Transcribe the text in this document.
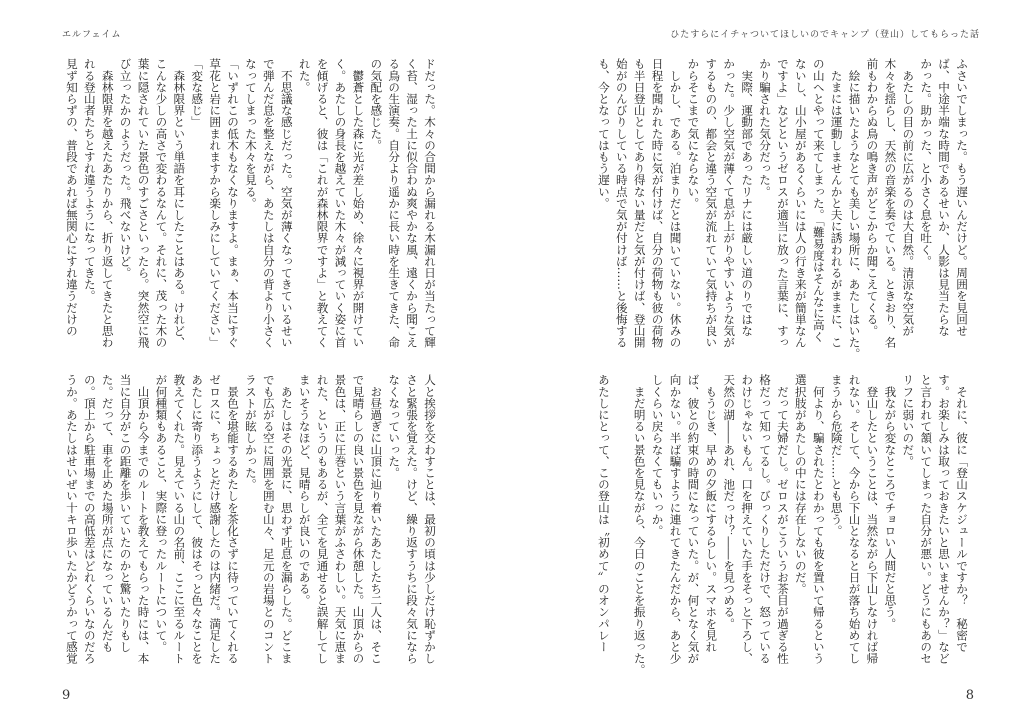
エルフェイム
ドだった。木々の合間から漏れる木漏れ日が当たって輝
く苔、湿った土に似合わぬ爽やかな風、遠くから聞こえ
る鳥の生演奏。自分より遥かに長い時を生きてきた、命
の気配を感じた。
　鬱蒼とした森に光が差し始め、徐々に視界が開けてい
く。あたしの身長を越えていた木々が減っていく姿に首
を傾げると、彼は「これが森林限界ですよ」と教えてく
れた。
　不思議な感じだった。空気が薄くなってきているせい
で弾んだ息を整えながら、あたしは自分の背より小さく
なってしまった木々を見る。
「いずれこの低木もなくなりますよ。まぁ、本当にすぐ
草花と岩に囲まれますから楽しみにしていてください」
「変な感じ」
　森林限界という単語を耳にしたことはある。けれど、
こんな少しの高さで変わるなんて。それに、茂った木の
葉に隠されていた景色のすごさといったら。突然空に飛
び立ったかのようだった。飛べないけど。
　森林限界を越えたあたりから、折り返してきたと思わ
れる登山者たちとすれ違うようになってきた。
見ず知らずの、普段であれば無関心にすれ違うだけの
人と挨拶を交わすことは、最初の頃は少しだけ恥ずかし
さと緊張を覚えた。けど、繰り返すうちに段々気になら
なくなっていった。
　お昼過ぎに山頂に辿り着いたあたしたち二人は、そこ
で見晴らしの良い景色を見ながら休憩した。山頂からの
景色は、正に圧巻という言葉がふさわしい。天気に恵ま
れた、というのもあるが、全てを見通せると誤解してし
まいそうなほど、見晴らしが良いのである。
　あたしはその光景に、思わず吐息を漏らした。どこま
でも広がる空に周囲を囲む山々、足元の岩場とのコント
ラストが眩しかった。
　景色を堪能するあたしを茶化さずに待っていてくれる
ゼロスに、ちょっとだけ感謝したのは内緒だ。満足した
あたしに寄り添うようにして、彼はそっと色々なことを
教えてくれた。見えている山の名前、ここに至るルート
が何種類もあること、実際に登ったルートについて。
　山頂から今までのルートを教えてもらった時には、本
当に自分がこの距離を歩いていたのかと驚いたりもし
た。だって、車を止めた場所が点になっているんだも
の。頂上から駐車場までの高低差はどれくらいなのだろ
うか。あたしはせいぜい十キロ歩いたかどうかって感覚
9
ひたすらにイチャついてほしいのでキャンプ（登山）してもらった話
ふさいでしまった。もう遅いんだけど。周囲を見回せ
ば、中途半端な時間であるせいか、人影は見当たらな
かった。助かった、と小さく息を吐く。
　あたしの目の前に広がるのは大自然。清涼な空気が
木々を揺らし、天然の音楽を奏でている。ときおり、名
前もわからぬ鳥の鳴き声がどこからか聞こえてくる。
　絵に描いたようなとても美しい場所に、あたしはいた。
　たまには運動しませんかと夫に誘われるがままに、こ
の山へとやって来てしまった。「難易度はそんなに高く
ないし、山小屋があるくらいには人の行き来が簡単なん
ですよ」などというゼロスが適当に放った言葉に、すっ
かり騙された気分だった。
　実際、運動部であったリナには厳しい道のりではな
かった。少し空気が薄くて息が上がりやすいような気が
するものの、都会と違う空気が流れていて気持ちが良い
からそこまで気にならない。
　しかし、である。泊まりだとは聞いていない。休みの
日程を聞かれた時に気が付けば、自分の荷物も彼の荷物
も半日登山としてあり得ない量だと気が付けば、登山開
始がのんびりしている時点で気が付けば……と後悔する
も、今となってはもう遅い。
　それに、彼に「登山スケジュールですか？　秘密で
す。お楽しみは取っておきたいと思いませんか？」など
と言われて頷いてしまった自分が悪い。どうにもあのセ
リフに弱いのだ。
　我ながら変なところでチョロい人間だと思う。
　登山したということは、当然ながら下山しなければ帰
れない。そして、今から下山となると日が落ち始めてし
まうから危険だ……とも思う。
　何より、騙されたとわかっても彼を置いて帰るという
選択肢があたしの中には存在しないのだ。
　だって夫婦だし。ゼロスがこういうお茶目が過ぎる性
格だって知ってるし。びっくりしただけで、怒っている
わけじゃないもん。口を押えていた手をそっと下ろし、
天然の湖――あれ、池だっけ？――を見つめる。
　もうじき、早めの夕飯にするらしい。スマホを見れ
ば、彼との約束の時間になっていた。が、何となく気が
向かない。半ば騙すように連れてきたんだから、あと少
しくらい戻らなくてもいっか。
　まだ明るい景色を見ながら、今日のことを振り返った。
あたしにとって、この登山は〝初めて〟のオンパレー
8
